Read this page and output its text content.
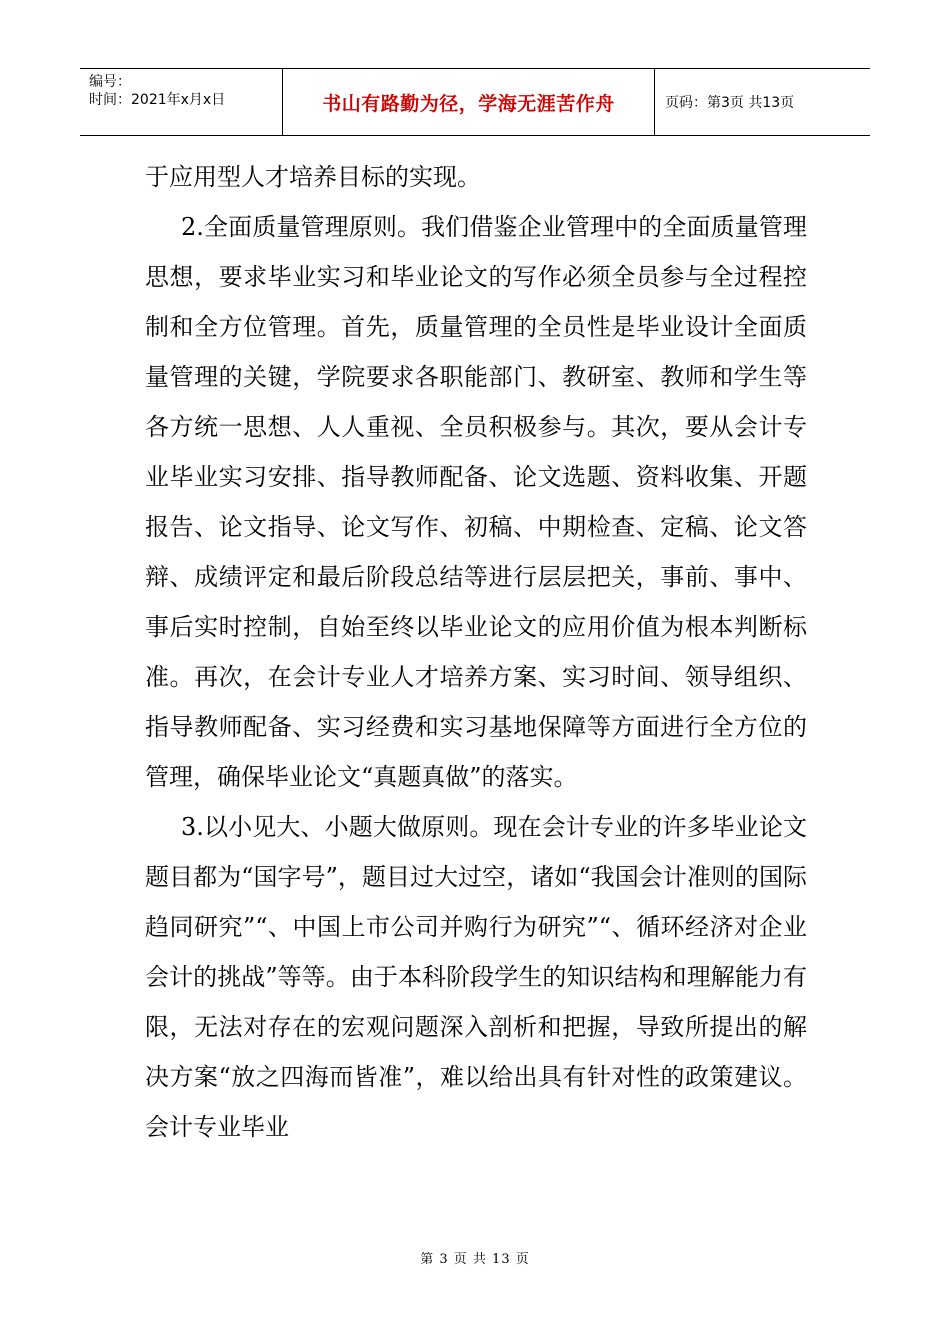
编号：
时间：2021年x月x日	书山有路勤为径，学海无涯苦作舟	页码：第3页 共13页

于应用型人才培养目标的实现。

2.全面质量管理原则。我们借鉴企业管理中的全面质量管理思想，要求毕业实习和毕业论文的写作必须全员参与全过程控制和全方位管理。首先，质量管理的全员性是毕业设计全面质量管理的关键，学院要求各职能部门、教研室、教师和学生等各方统一思想、人人重视、全员积极参与。其次，要从会计专业毕业实习安排、指导教师配备、论文选题、资料收集、开题报告、论文指导、论文写作、初稿、中期检查、定稿、论文答辩、成绩评定和最后阶段总结等进行层层把关，事前、事中、事后实时控制，自始至终以毕业论文的应用价值为根本判断标准。再次，在会计专业人才培养方案、实习时间、领导组织、指导教师配备、实习经费和实习基地保障等方面进行全方位的管理，确保毕业论文“真题真做”的落实。

3.以小见大、小题大做原则。现在会计专业的许多毕业论文题目都为“国字号”，题目过大过空，诸如“我国会计准则的国际趋同研究”“、中国上市公司并购行为研究”“、循环经济对企业会计的挑战”等等。由于本科阶段学生的知识结构和理解能力有限，无法对存在的宏观问题深入剖析和把握，导致所提出的解决方案“放之四海而皆准”，难以给出具有针对性的政策建议。会计专业毕业

第 3 页 共 13 页
